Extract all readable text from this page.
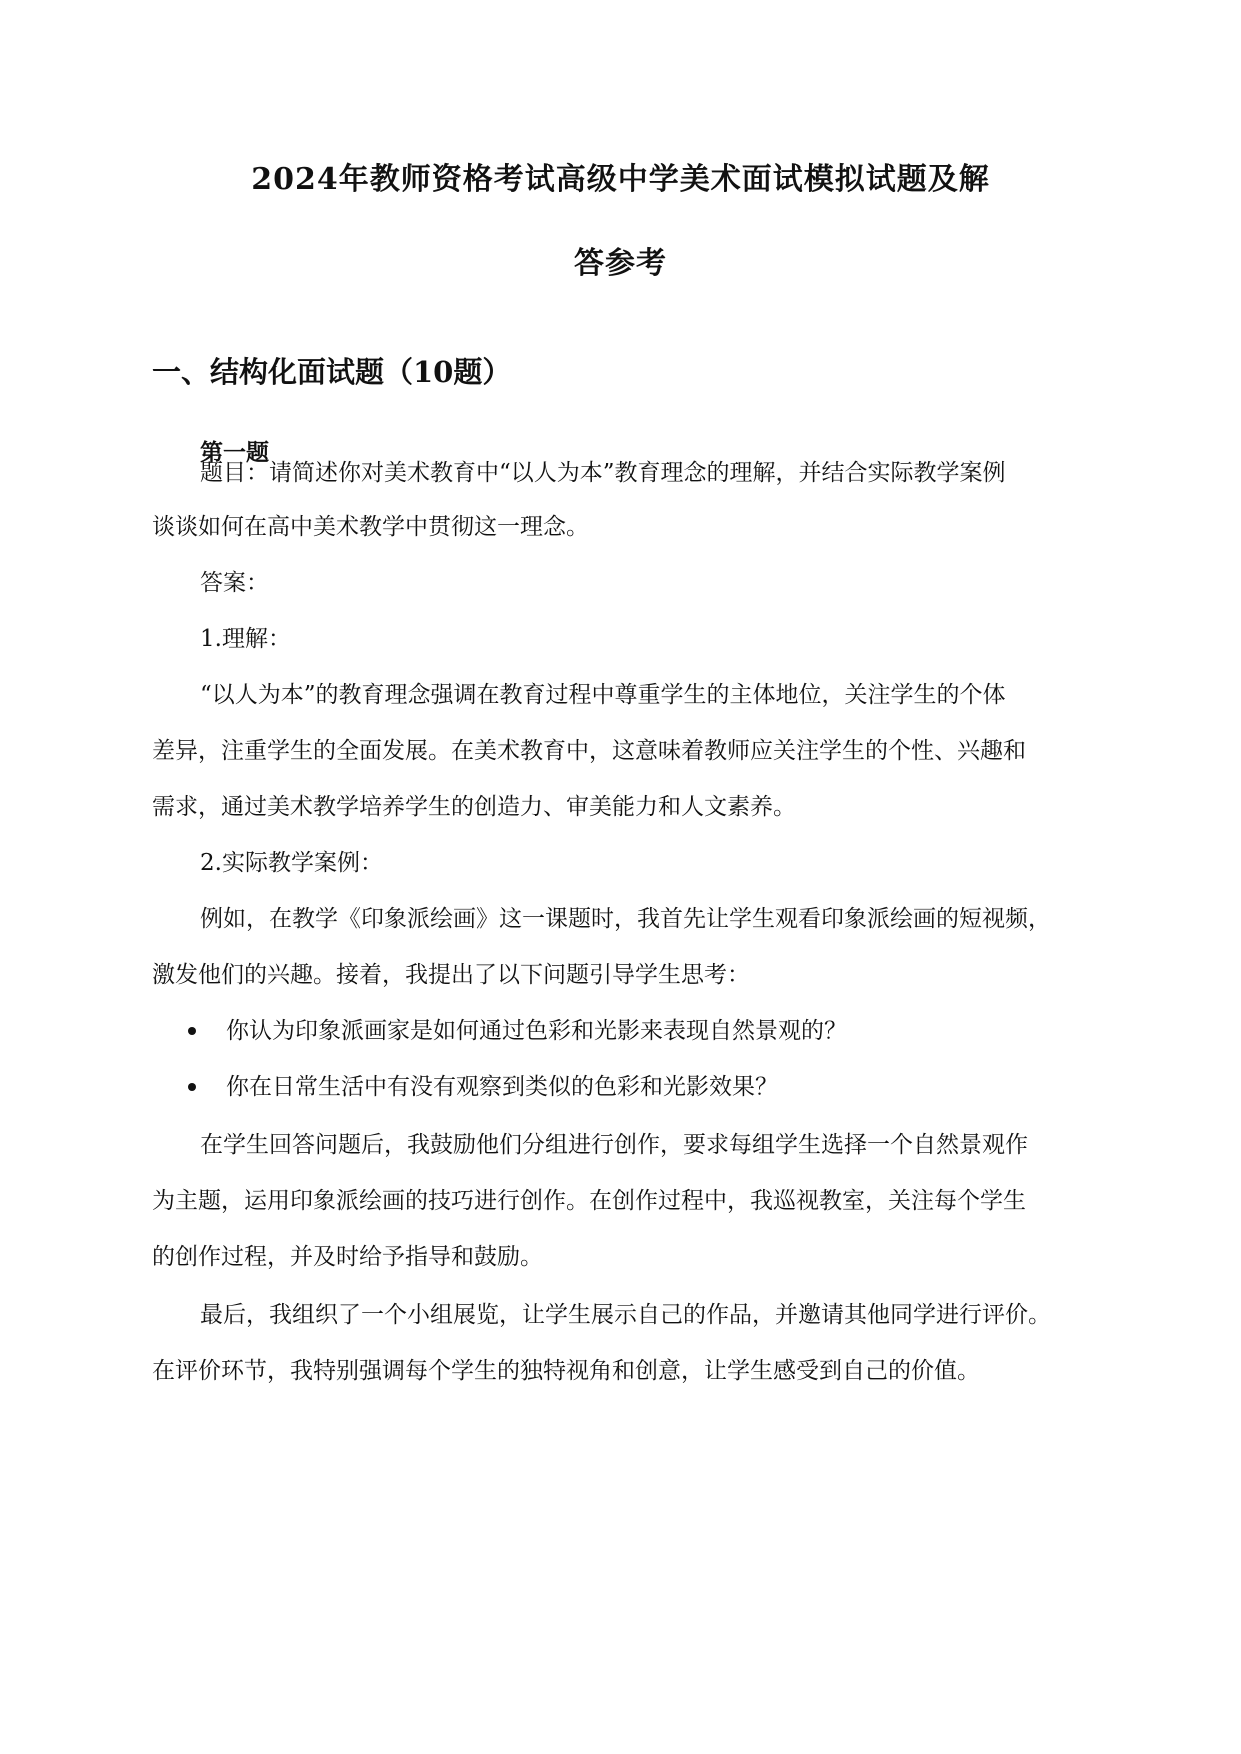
2024年教师资格考试高级中学美术面试模拟试题及解
答参考
一、结构化面试题（10题）
第一题
题目：请简述你对美术教育中“以人为本”教育理念的理解，并结合实际教学案例
谈谈如何在高中美术教学中贯彻这一理念。
答案：
1.理解：
“以人为本”的教育理念强调在教育过程中尊重学生的主体地位，关注学生的个体
差异，注重学生的全面发展。在美术教育中，这意味着教师应关注学生的个性、兴趣和
需求，通过美术教学培养学生的创造力、审美能力和人文素养。
2.实际教学案例：
例如，在教学《印象派绘画》这一课题时，我首先让学生观看印象派绘画的短视频，
激发他们的兴趣。接着，我提出了以下问题引导学生思考：
你认为印象派画家是如何通过色彩和光影来表现自然景观的？
你在日常生活中有没有观察到类似的色彩和光影效果？
在学生回答问题后，我鼓励他们分组进行创作，要求每组学生选择一个自然景观作
为主题，运用印象派绘画的技巧进行创作。在创作过程中，我巡视教室，关注每个学生
的创作过程，并及时给予指导和鼓励。
最后，我组织了一个小组展览，让学生展示自己的作品，并邀请其他同学进行评价。
在评价环节，我特别强调每个学生的独特视角和创意，让学生感受到自己的价值。
